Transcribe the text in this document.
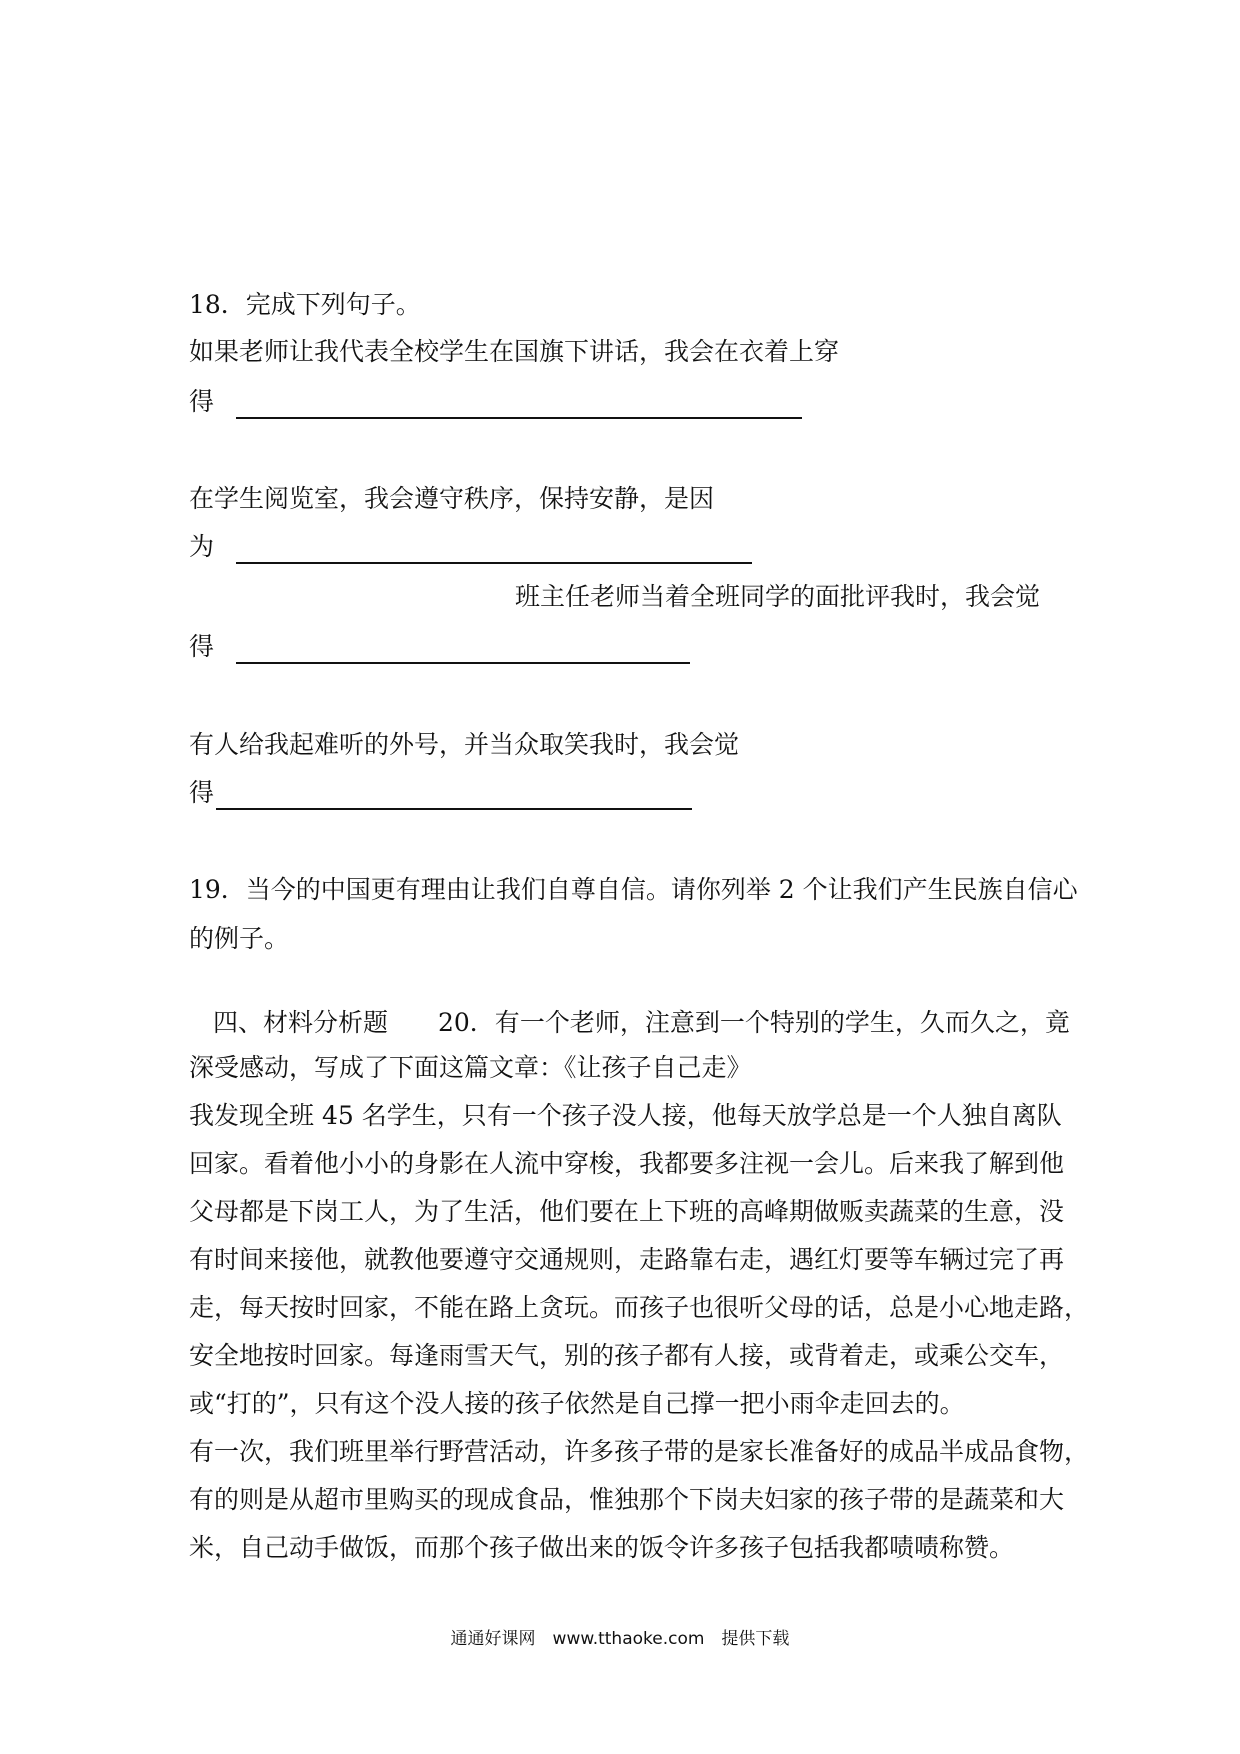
18．完成下列句子。
如果老师让我代表全校学生在国旗下讲话，我会在衣着上穿
得
在学生阅览室，我会遵守秩序，保持安静，是因
为
班主任老师当着全班同学的面批评我时，我会觉
得
有人给我起难听的外号，并当众取笑我时，我会觉
得
19．当今的中国更有理由让我们自尊自信。请你列举 2 个让我们产生民族自信心
的例子。
四、材料分析题　　20．有一个老师，注意到一个特别的学生，久而久之，竟
深受感动，写成了下面这篇文章：《让孩子自己走》
我发现全班 45 名学生，只有一个孩子没人接，他每天放学总是一个人独自离队
回家。看着他小小的身影在人流中穿梭，我都要多注视一会儿。后来我了解到他
父母都是下岗工人，为了生活，他们要在上下班的高峰期做贩卖蔬菜的生意，没
有时间来接他，就教他要遵守交通规则，走路靠右走，遇红灯要等车辆过完了再
走，每天按时回家，不能在路上贪玩。而孩子也很听父母的话，总是小心地走路，
安全地按时回家。每逢雨雪天气，别的孩子都有人接，或背着走，或乘公交车，
或“打的”，只有这个没人接的孩子依然是自己撑一把小雨伞走回去的。
有一次，我们班里举行野营活动，许多孩子带的是家长准备好的成品半成品食物，
有的则是从超市里购买的现成食品，惟独那个下岗夫妇家的孩子带的是蔬菜和大
米，自己动手做饭，而那个孩子做出来的饭令许多孩子包括我都啧啧称赞。
通通好课网　www.tthaoke.com　提供下载
